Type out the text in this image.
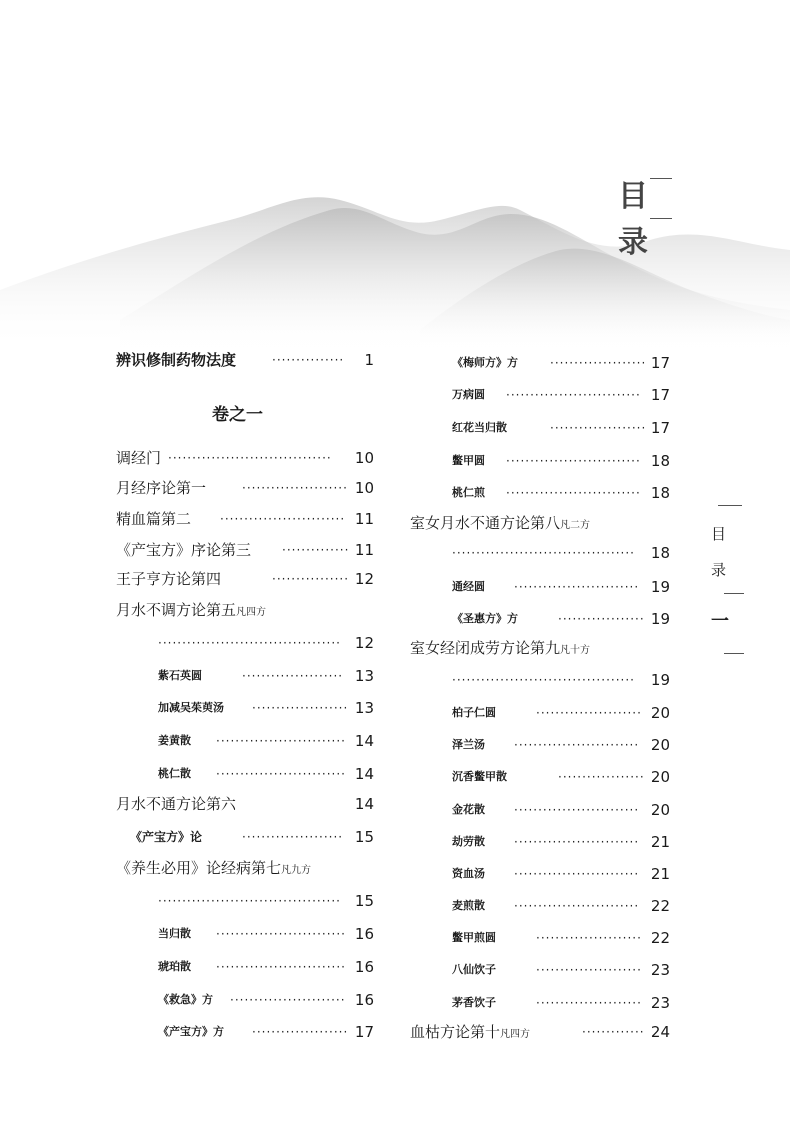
目
录
辨识修制药物法度	···············	1
卷之一
调经门 ··································	10
月经序论第一	······················ 10
精血篇第二 ·························· 11
《产宝方》序论第三	·············· 11
王子亨方论第四	················ 12
月水不调方论第五凡四方
······································ 12
紫石英圆	····················· 13
加减吴茱萸汤 ···················· 13
姜黄散 ··························· 14
桃仁散 ··························· 14
月水不通方论第六	14
《产宝方》论	····················· 15
《养生必用》论经病第七凡九方
······································ 15
当归散 ··························· 16
琥珀散 ··························· 16
《救急》方 ························ 16
《产宝方》方 ···················· 17
《梅师方》方	···················· 17
万病圆 ···························· 17
红花当归散	···················· 17
鳖甲圆 ···························· 18
桃仁煎 ···························· 18
室女月水不通方论第八凡二方
······································	18
通经圆 ·························· 19
《圣惠方》方	·················· 19
室女经闭成劳方论第九凡十方
······································	19
柏子仁圆	······················ 20
泽兰汤 ·························· 20
沉香鳖甲散	·················· 20
金花散 ·························· 20
劫劳散 ·························· 21
资血汤 ·························· 21
麦煎散 ·························· 22
鳖甲煎圆	······················ 22
八仙饮子	······················ 23
茅香饮子	······················ 23
血枯方论第十凡四方	············· 24
目
录
一
